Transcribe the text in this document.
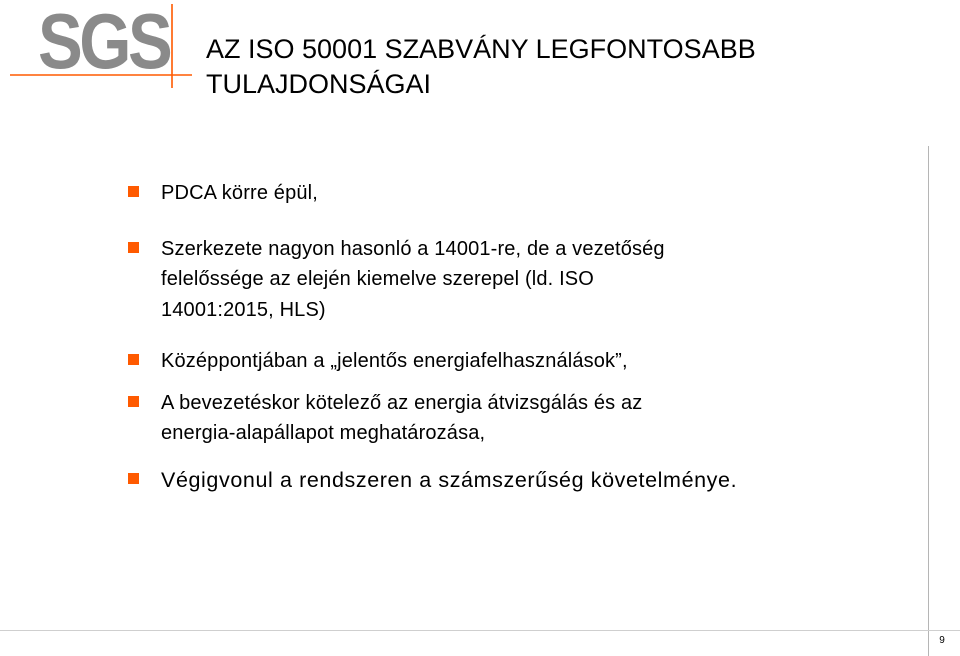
SGS AZ ISO 50001 SZABVÁNY LEGFONTOSABB
TULAJDONSÁGAI
PDCA körre épül,
Szerkezete nagyon hasonló a 14001-re, de a vezetőség
felelőssége az elején kiemelve szerepel (ld. ISO
14001:2015, HLS)
Középpontjában a „jelentős energiafelhasználások”,
A bevezetéskor kötelező az energia átvizsgálás és az
energia-alapállapot meghatározása,
Végigvonul a rendszeren a számszerűség követelménye.
9
